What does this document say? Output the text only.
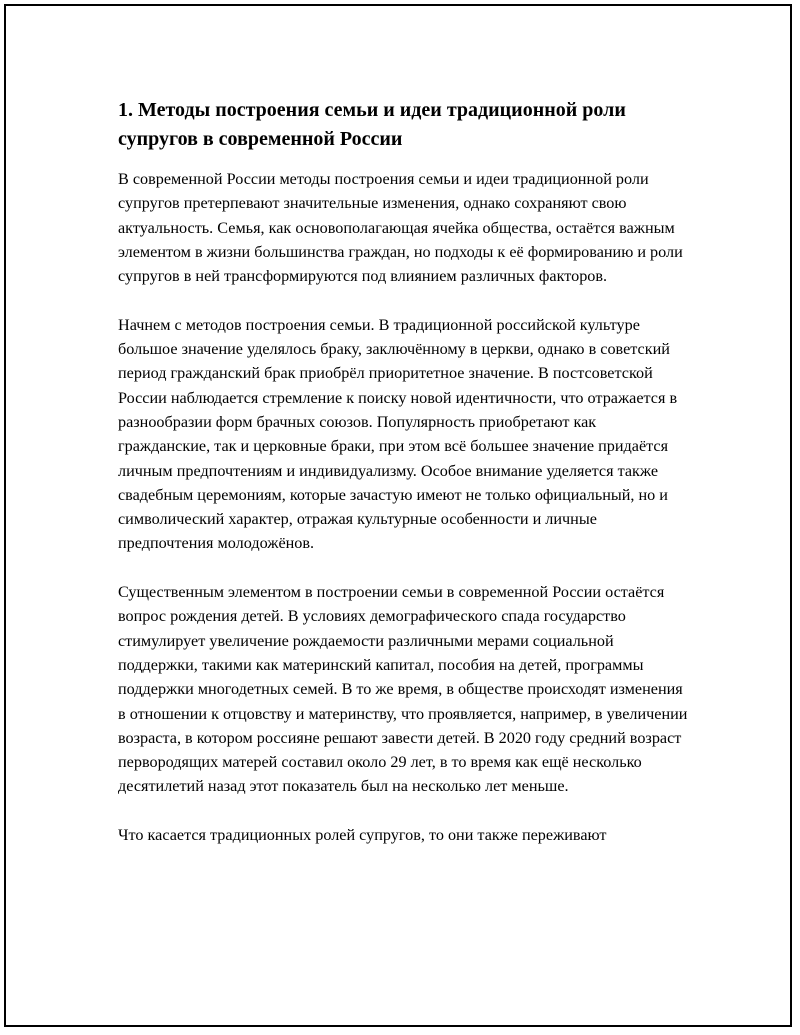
1. Методы построения семьи и идеи традиционной роли супругов в современной России

В современной России методы построения семьи и идеи традиционной роли супругов претерпевают значительные изменения, однако сохраняют свою актуальность. Семья, как основополагающая ячейка общества, остаётся важным элементом в жизни большинства граждан, но подходы к её формированию и роли супругов в ней трансформируются под влиянием различных факторов.

Начнем с методов построения семьи. В традиционной российской культуре большое значение уделялось браку, заключённому в церкви, однако в советский период гражданский брак приобрёл приоритетное значение. В постсоветской России наблюдается стремление к поиску новой идентичности, что отражается в разнообразии форм брачных союзов. Популярность приобретают как гражданские, так и церковные браки, при этом всё большее значение придаётся личным предпочтениям и индивидуализму. Особое внимание уделяется также свадебным церемониям, которые зачастую имеют не только официальный, но и символический характер, отражая культурные особенности и личные предпочтения молодожёнов.

Существенным элементом в построении семьи в современной России остаётся вопрос рождения детей. В условиях демографического спада государство стимулирует увеличение рождаемости различными мерами социальной поддержки, такими как материнский капитал, пособия на детей, программы поддержки многодетных семей. В то же время, в обществе происходят изменения в отношении к отцовству и материнству, что проявляется, например, в увеличении возраста, в котором россияне решают завести детей. В 2020 году средний возраст первородящих матерей составил около 29 лет, в то время как ещё несколько десятилетий назад этот показатель был на несколько лет меньше.

Что касается традиционных ролей супругов, то они также переживают
